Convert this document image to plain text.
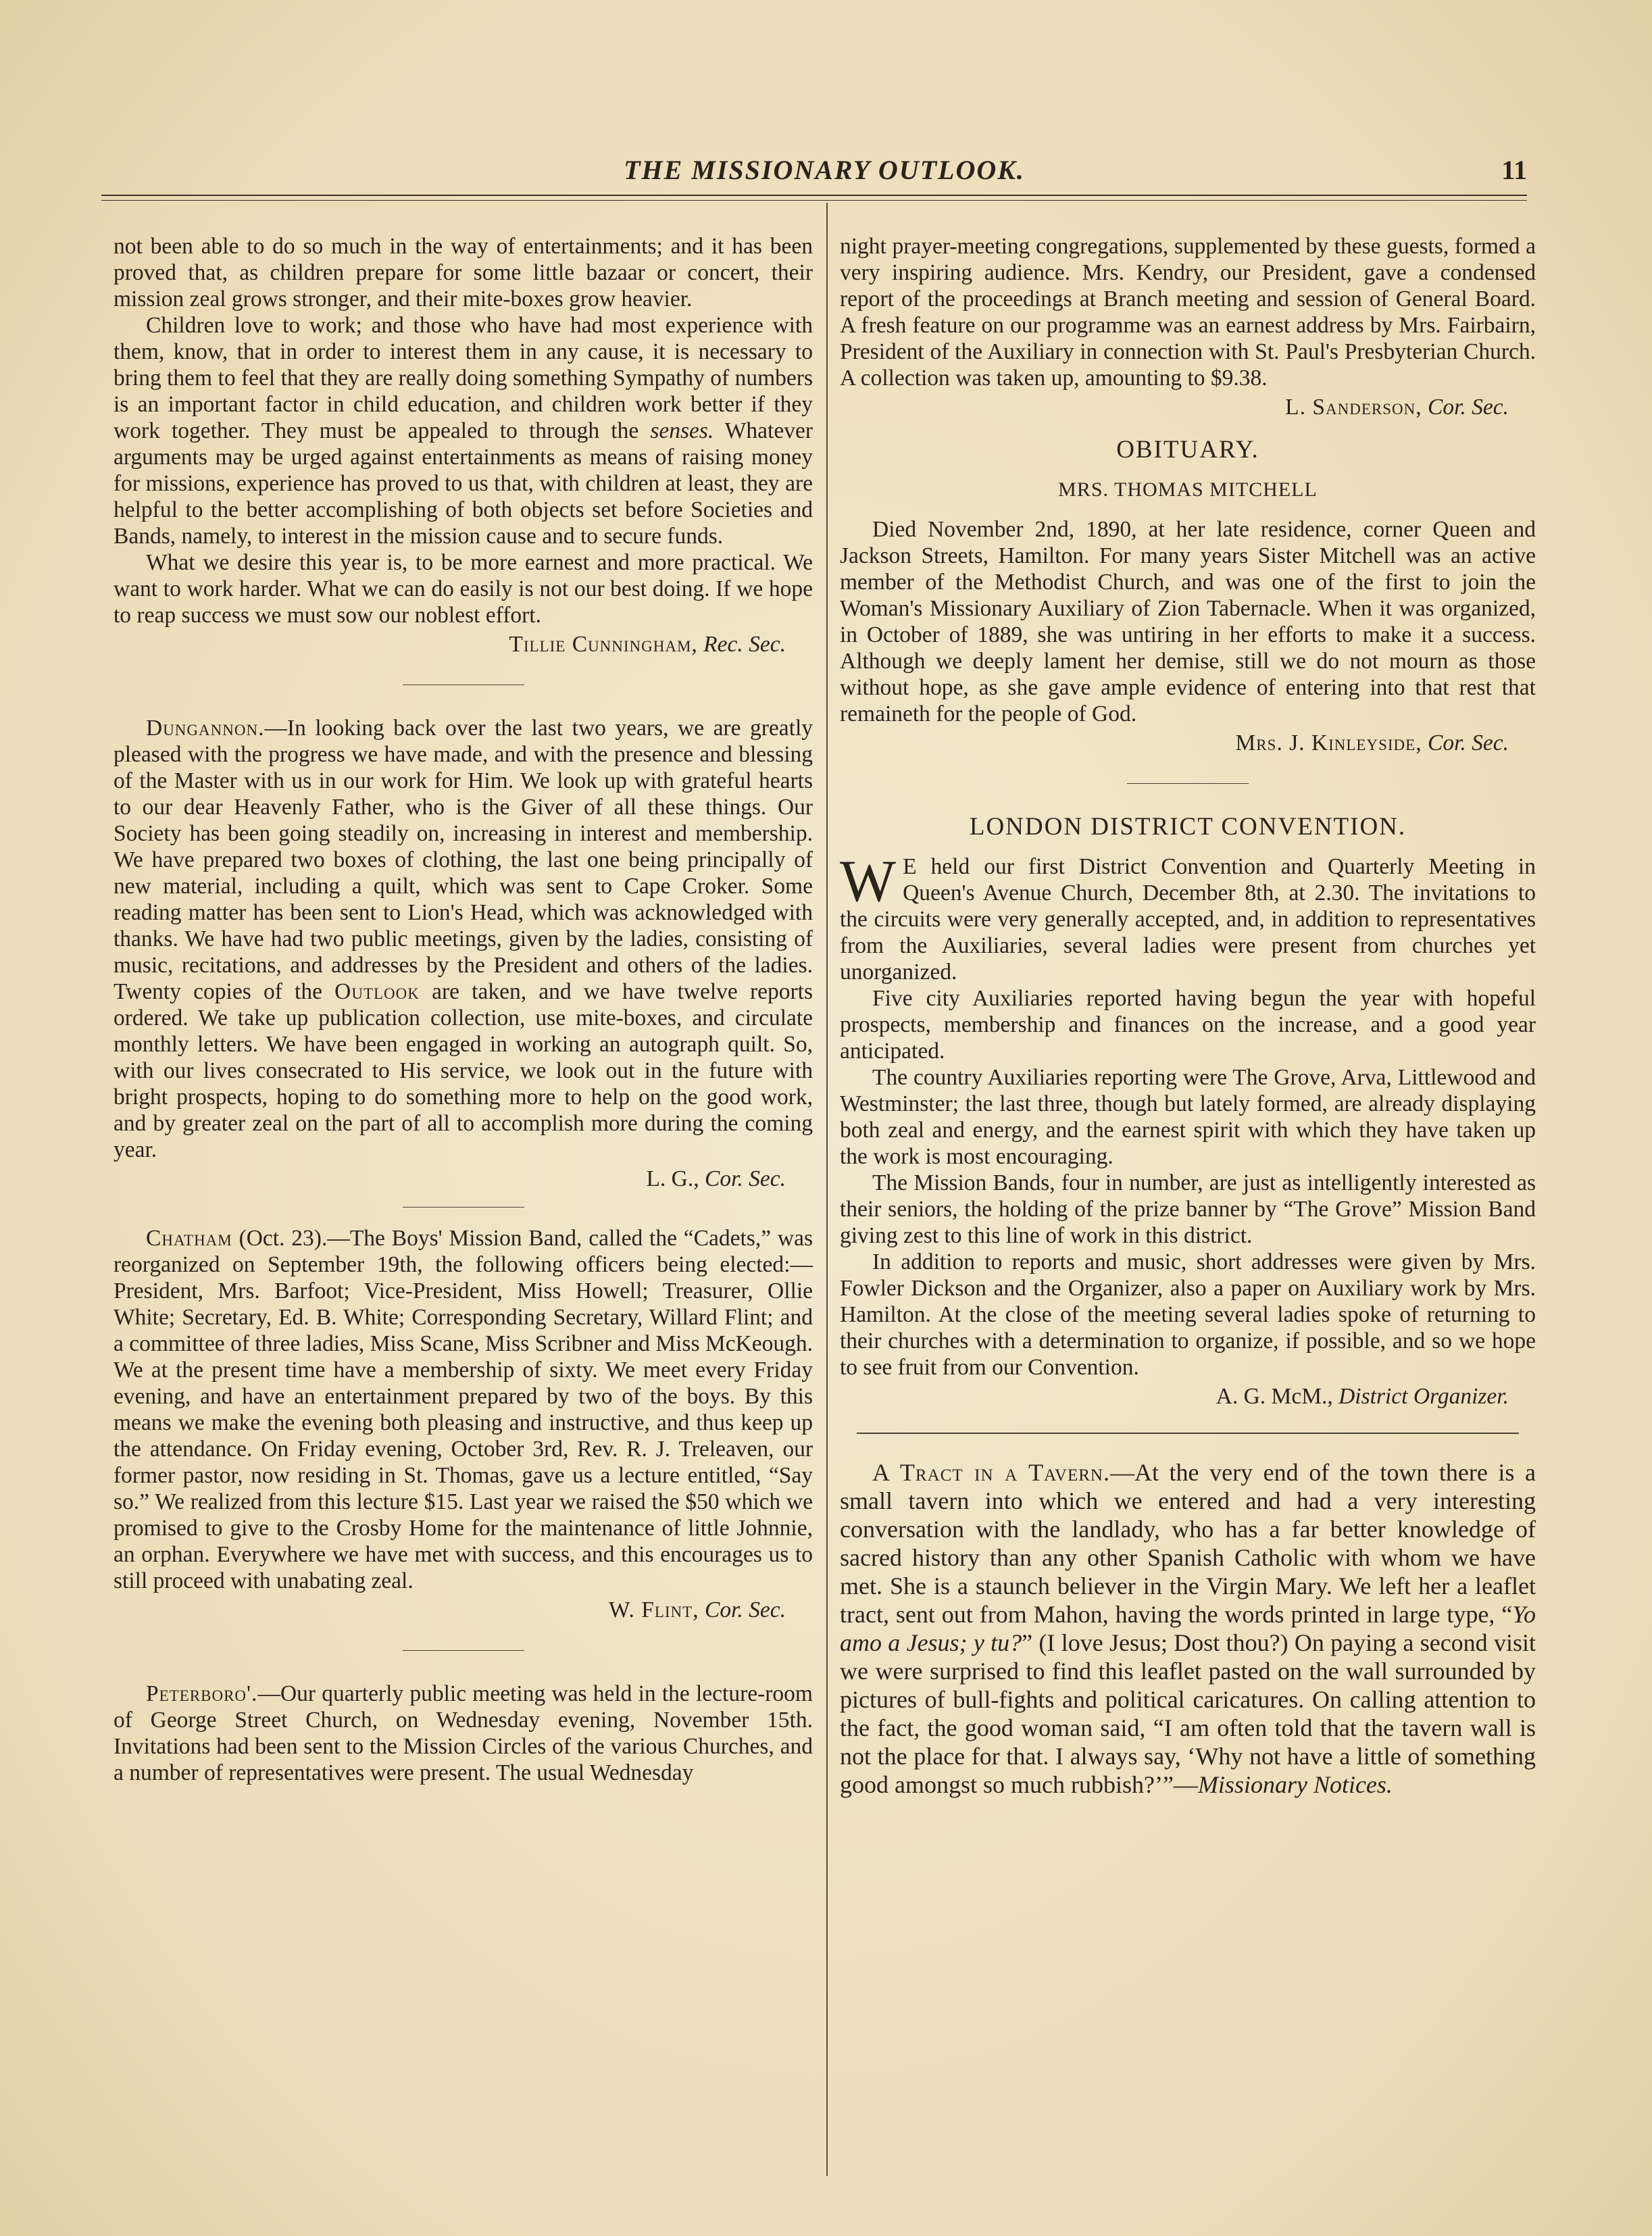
THE MISSIONARY OUTLOOK.	11

not been able to do so much in the way of entertainments; and it has been proved that, as children prepare for some little bazaar or concert, their mission zeal grows stronger, and their mite-boxes grow heavier.

Children love to work; and those who have had most experience with them, know, that in order to interest them in any cause, it is necessary to bring them to feel that they are really doing something Sympathy of numbers is an important factor in child education, and children work better if they work together. They must be appealed to through the senses. Whatever arguments may be urged against entertainments as means of raising money for missions, experience has proved to us that, with children at least, they are helpful to the better accomplishing of both objects set before Societies and Bands, namely, to interest in the mission cause and to secure funds.

What we desire this year is, to be more earnest and more practical. We want to work harder. What we can do easily is not our best doing. If we hope to reap success we must sow our noblest effort.

Tillie Cunningham, Rec. Sec.

Dungannon.—In looking back over the last two years, we are greatly pleased with the progress we have made, and with the presence and blessing of the Master with us in our work for Him. We look up with grateful hearts to our dear Heavenly Father, who is the Giver of all these things. Our Society has been going steadily on, increasing in interest and membership. We have prepared two boxes of clothing, the last one being principally of new material, including a quilt, which was sent to Cape Croker. Some reading matter has been sent to Lion's Head, which was acknowledged with thanks. We have had two public meetings, given by the ladies, consisting of music, recitations, and addresses by the President and others of the ladies. Twenty copies of the Outlook are taken, and we have twelve reports ordered. We take up publication collection, use mite-boxes, and circulate monthly letters. We have been engaged in working an autograph quilt. So, with our lives consecrated to His service, we look out in the future with bright prospects, hoping to do something more to help on the good work, and by greater zeal on the part of all to accomplish more during the coming year.

L. G., Cor. Sec.

Chatham (Oct. 23).—The Boys' Mission Band, called the “Cadets,” was reorganized on September 19th, the following officers being elected:—President, Mrs. Barfoot; Vice-President, Miss Howell; Treasurer, Ollie White; Secretary, Ed. B. White; Corresponding Secretary, Willard Flint; and a committee of three ladies, Miss Scane, Miss Scribner and Miss McKeough. We at the present time have a membership of sixty. We meet every Friday evening, and have an entertainment prepared by two of the boys. By this means we make the evening both pleasing and instructive, and thus keep up the attendance. On Friday evening, October 3rd, Rev. R. J. Treleaven, our former pastor, now residing in St. Thomas, gave us a lecture entitled, “Say so.” We realized from this lecture $15. Last year we raised the $50 which we promised to give to the Crosby Home for the maintenance of little Johnnie, an orphan. Everywhere we have met with success, and this encourages us to still proceed with unabating zeal.

W. Flint, Cor. Sec.

Peterboro'.—Our quarterly public meeting was held in the lecture-room of George Street Church, on Wednesday evening, November 15th. Invitations had been sent to the Mission Circles of the various Churches, and a number of representatives were present. The usual Wednesday

night prayer-meeting congregations, supplemented by these guests, formed a very inspiring audience. Mrs. Kendry, our President, gave a condensed report of the proceedings at Branch meeting and session of General Board. A fresh feature on our programme was an earnest address by Mrs. Fairbairn, President of the Auxiliary in connection with St. Paul's Presbyterian Church. A collection was taken up, amounting to $9.38.

L. Sanderson, Cor. Sec.

OBITUARY.
MRS. THOMAS MITCHELL

Died November 2nd, 1890, at her late residence, corner Queen and Jackson Streets, Hamilton. For many years Sister Mitchell was an active member of the Methodist Church, and was one of the first to join the Woman's Missionary Auxiliary of Zion Tabernacle. When it was organized, in October of 1889, she was untiring in her efforts to make it a success. Although we deeply lament her demise, still we do not mourn as those without hope, as she gave ample evidence of entering into that rest that remaineth for the people of God.

Mrs. J. Kinleyside, Cor. Sec.

LONDON DISTRICT CONVENTION.
W E held our first District Convention and Quarterly Meeting in Queen's Avenue Church, December 8th, at 2.30. The invitations to the circuits were very generally accepted, and, in addition to representatives from the Auxiliaries, several ladies were present from churches yet unorganized.

Five city Auxiliaries reported having begun the year with hopeful prospects, membership and finances on the increase, and a good year anticipated.

The country Auxiliaries reporting were The Grove, Arva, Littlewood and Westminster; the last three, though but lately formed, are already displaying both zeal and energy, and the earnest spirit with which they have taken up the work is most encouraging.

The Mission Bands, four in number, are just as intelligently interested as their seniors, the holding of the prize banner by “The Grove” Mission Band giving zest to this line of work in this district.

In addition to reports and music, short addresses were given by Mrs. Fowler Dickson and the Organizer, also a paper on Auxiliary work by Mrs. Hamilton. At the close of the meeting several ladies spoke of returning to their churches with a determination to organize, if possible, and so we hope to see fruit from our Convention.

A. G. McM., District Organizer.

A Tract in a Tavern.—At the very end of the town there is a small tavern into which we entered and had a very interesting conversation with the landlady, who has a far better knowledge of sacred history than any other Spanish Catholic with whom we have met. She is a staunch believer in the Virgin Mary. We left her a leaflet tract, sent out from Mahon, having the words printed in large type, “Yo amo a Jesus; y tu?” (I love Jesus; Dost thou?) On paying a second visit we were surprised to find this leaflet pasted on the wall surrounded by pictures of bull-fights and political caricatures. On calling attention to the fact, the good woman said, “I am often told that the tavern wall is not the place for that. I always say, ‘Why not have a little of something good amongst so much rubbish?’”—Missionary Notices.
